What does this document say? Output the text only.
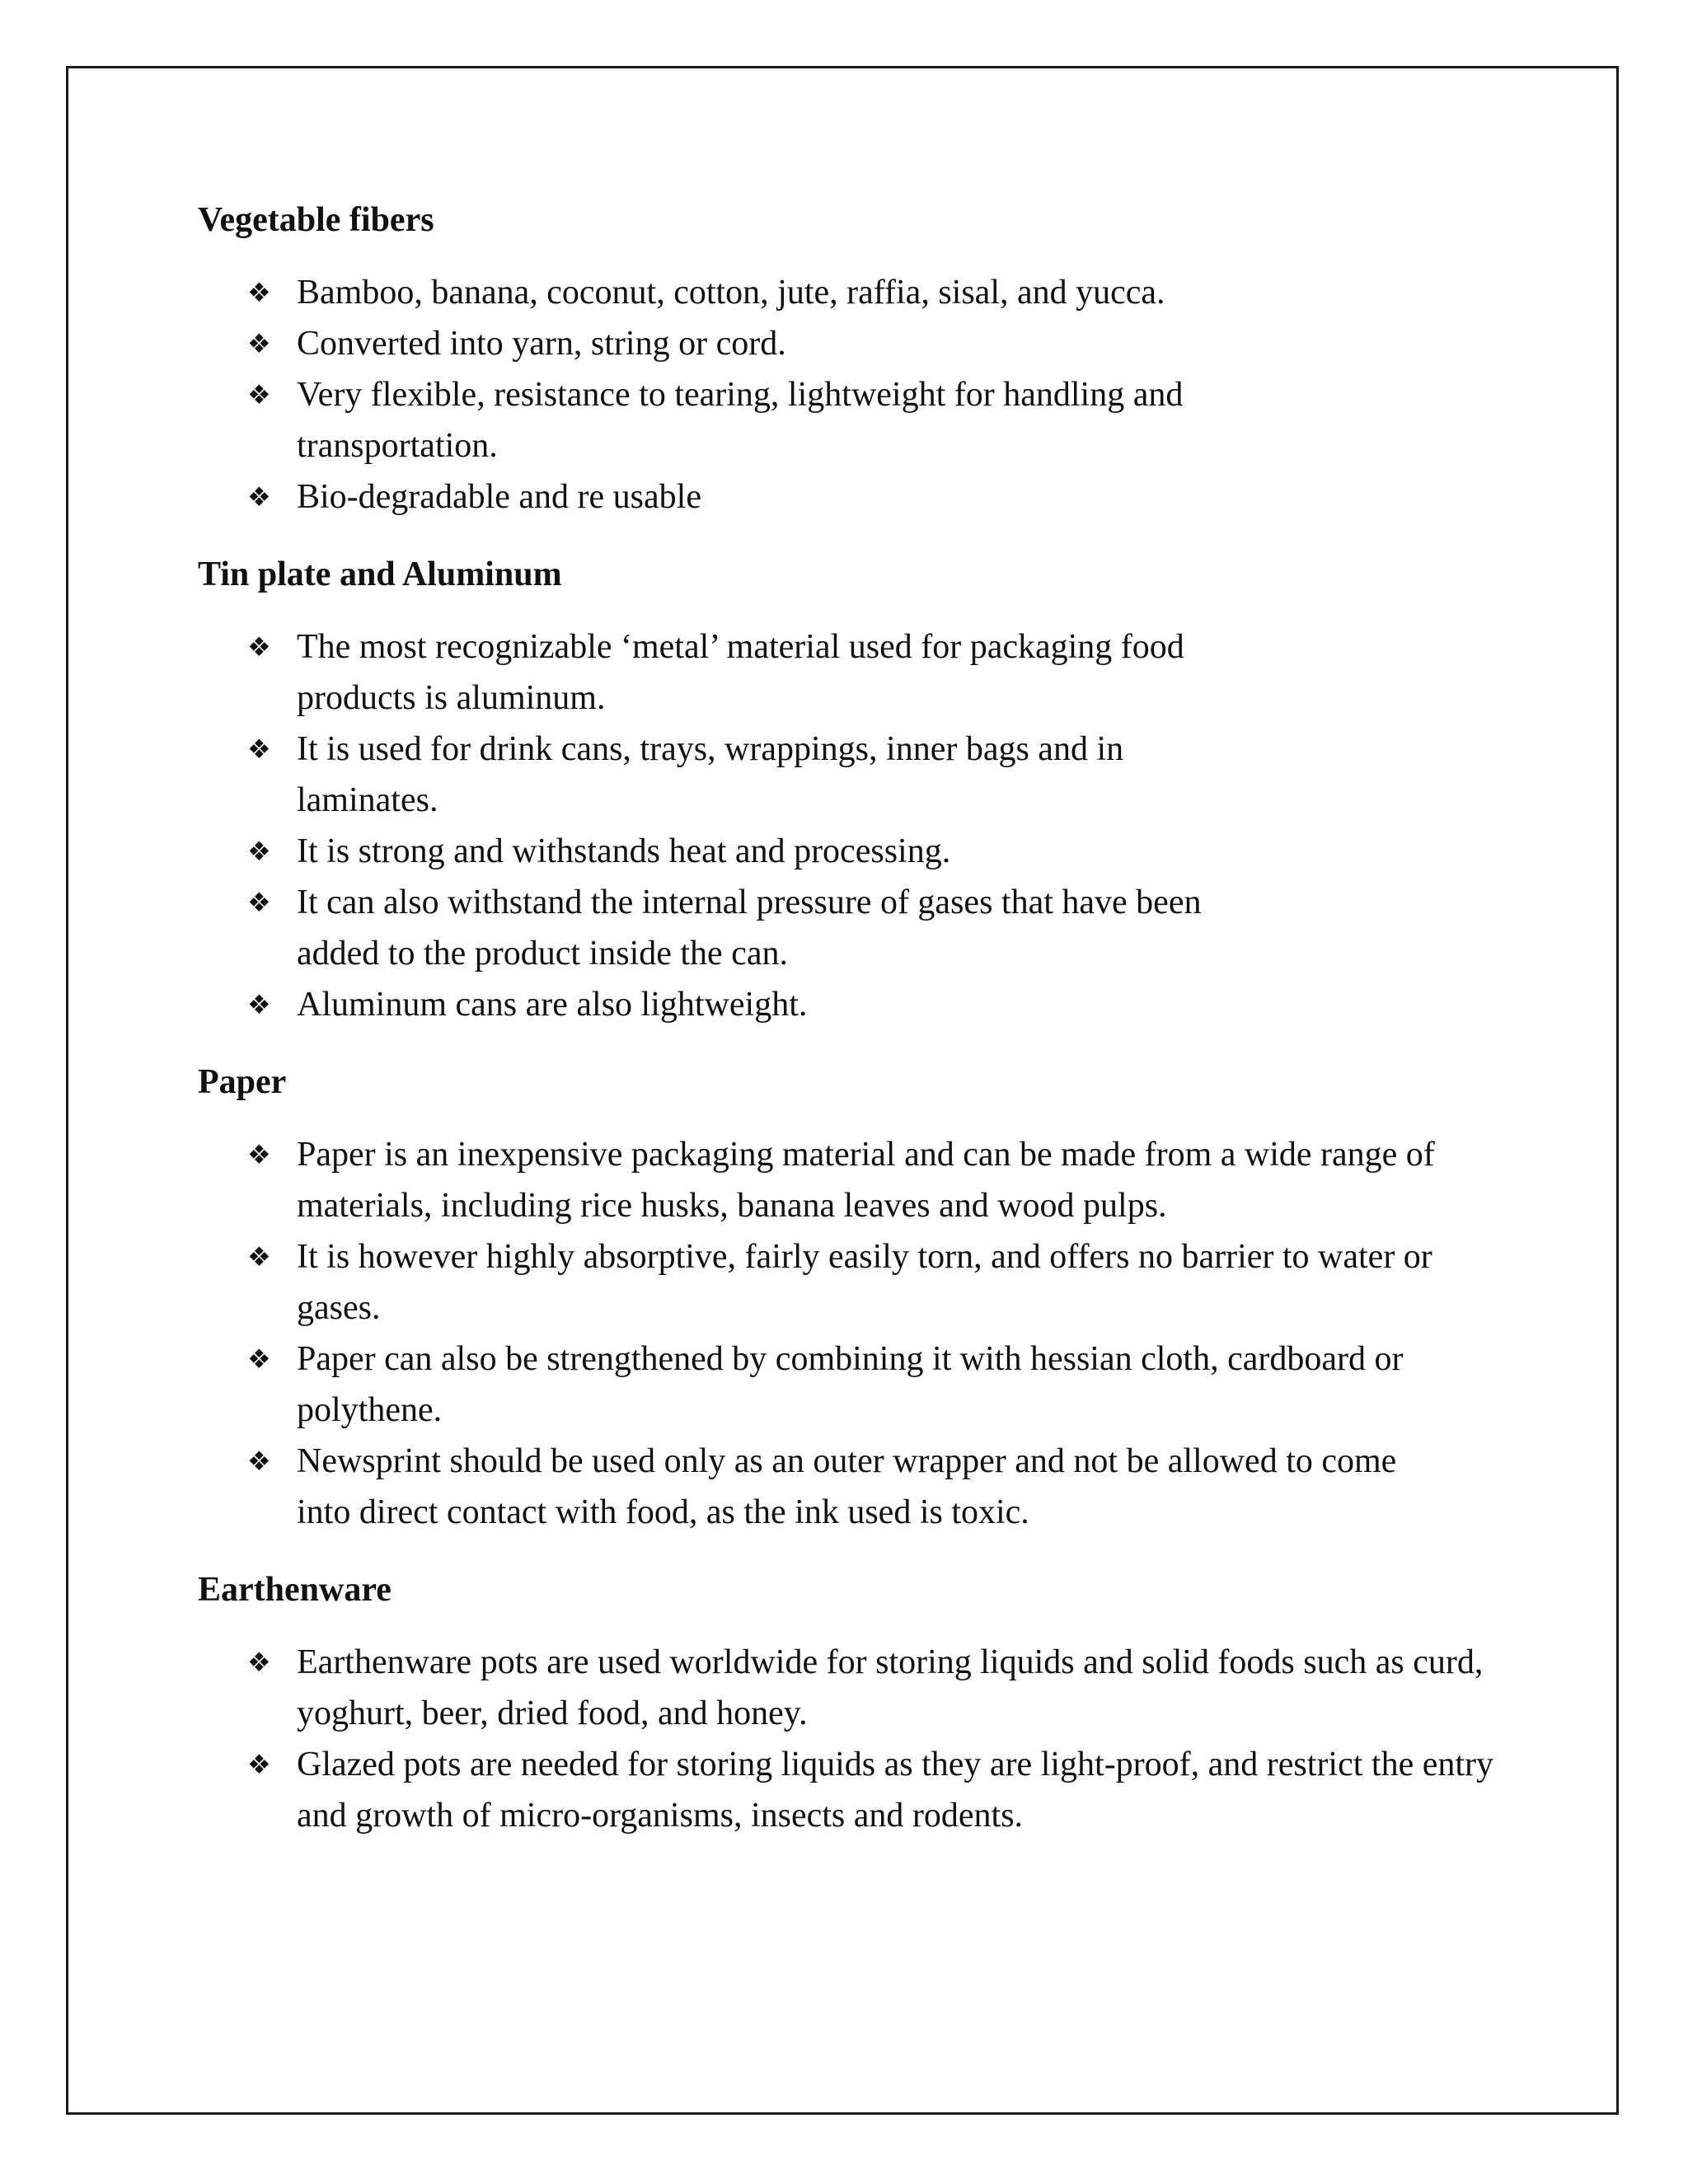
Vegetable fibers

❖ Bamboo, banana, coconut, cotton, jute, raffia, sisal, and yucca.
❖ Converted into yarn, string or cord.
❖ Very flexible, resistance to tearing, lightweight for handling and transportation.
❖ Bio-degradable and re usable

Tin plate and Aluminum

❖ The most recognizable ‘metal’ material used for packaging food products is aluminum.
❖ It is used for drink cans, trays, wrappings, inner bags and in laminates.
❖ It is strong and withstands heat and processing.
❖ It can also withstand the internal pressure of gases that have been added to the product inside the can.
❖ Aluminum cans are also lightweight.

Paper

❖ Paper is an inexpensive packaging material and can be made from a wide range of materials, including rice husks, banana leaves and wood pulps.
❖ It is however highly absorptive, fairly easily torn, and offers no barrier to water or gases.
❖ Paper can also be strengthened by combining it with hessian cloth, cardboard or polythene.
❖ Newsprint should be used only as an outer wrapper and not be allowed to come into direct contact with food, as the ink used is toxic.

Earthenware

❖ Earthenware pots are used worldwide for storing liquids and solid foods such as curd, yoghurt, beer, dried food, and honey.
❖ Glazed pots are needed for storing liquids as they are light-proof, and restrict the entry and growth of micro-organisms, insects and rodents.
